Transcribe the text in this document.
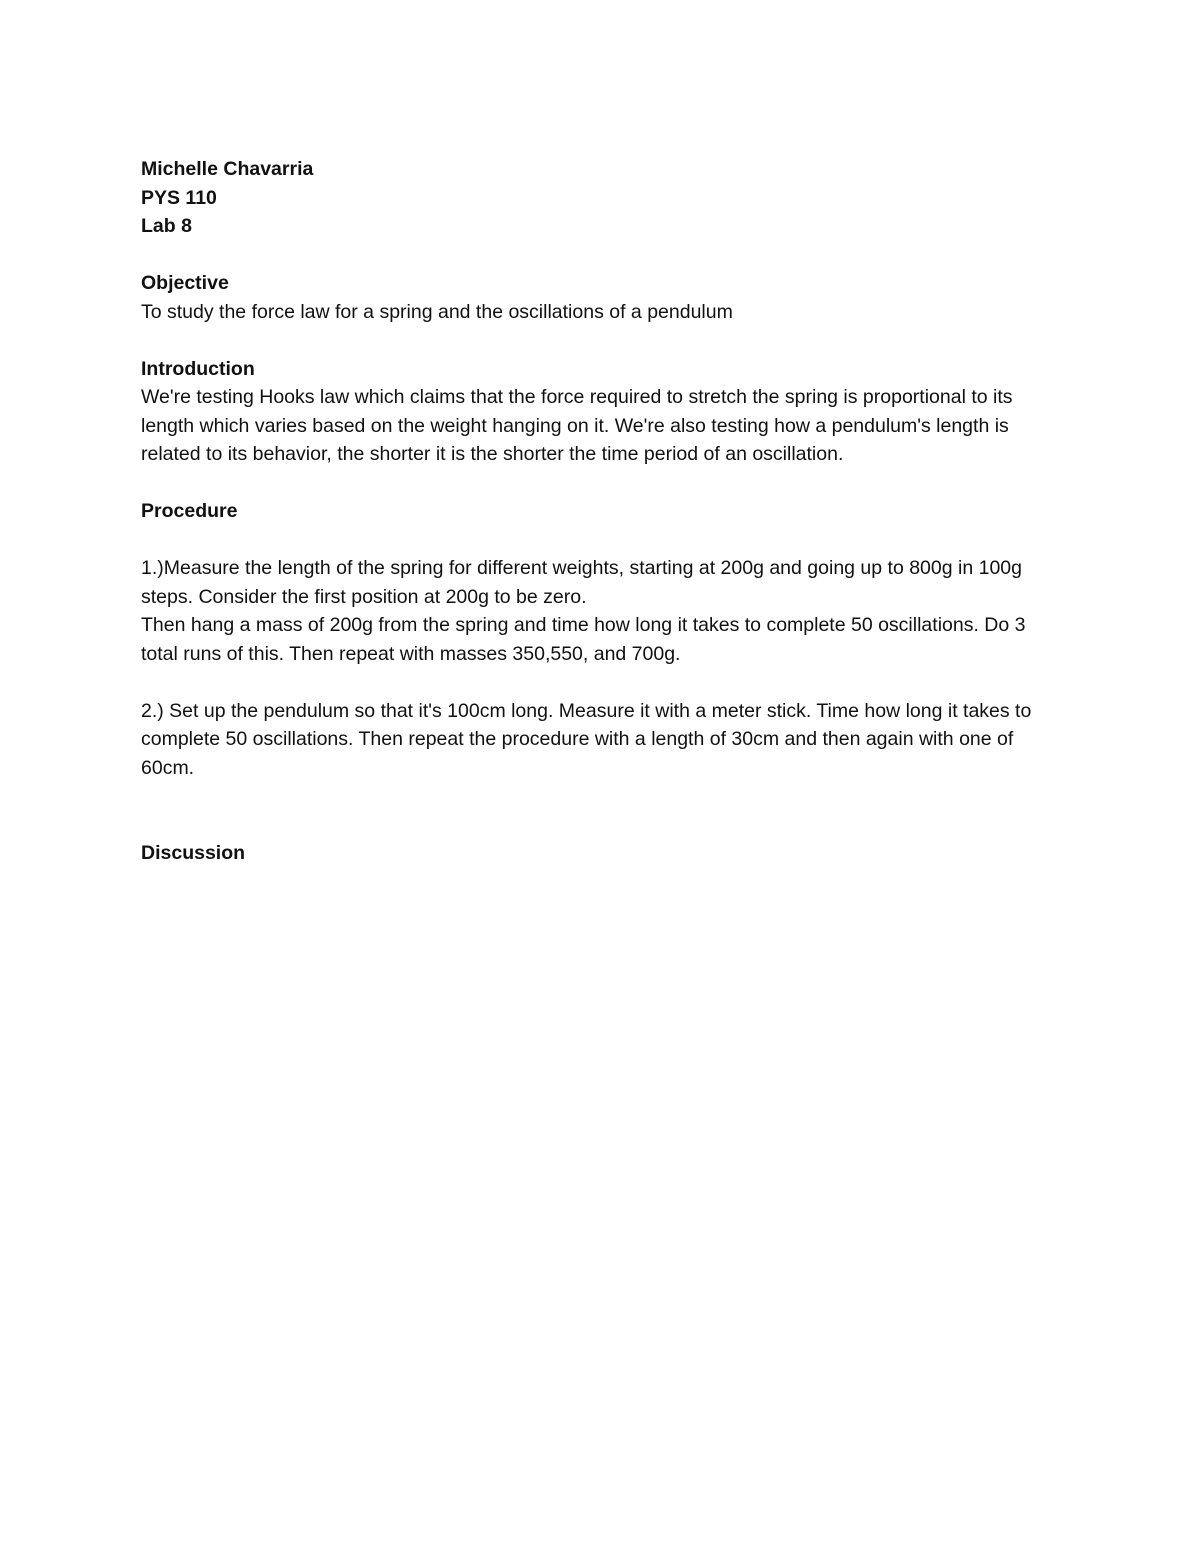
Michelle Chavarria

PYS 110

Lab 8

Objective

To study the force law for a spring and the oscillations of a pendulum

Introduction

We're testing Hooks law which claims that the force required to stretch the spring is proportional to its length which varies based on the weight hanging on it. We're also testing how a pendulum's length is related to its behavior, the shorter it is the shorter the time period of an oscillation.

Procedure

1.)Measure the length of the spring for different weights, starting at 200g and going up to 800g in 100g steps. Consider the first position at 200g to be zero.

Then hang a mass of 200g from the spring and time how long it takes to complete 50 oscillations. Do 3 total runs of this. Then repeat with masses 350,550, and 700g.

2.) Set up the pendulum so that it's 100cm long. Measure it with a meter stick. Time how long it takes to complete 50 oscillations. Then repeat the procedure with a length of 30cm and then again with one of 60cm.

Discussion
